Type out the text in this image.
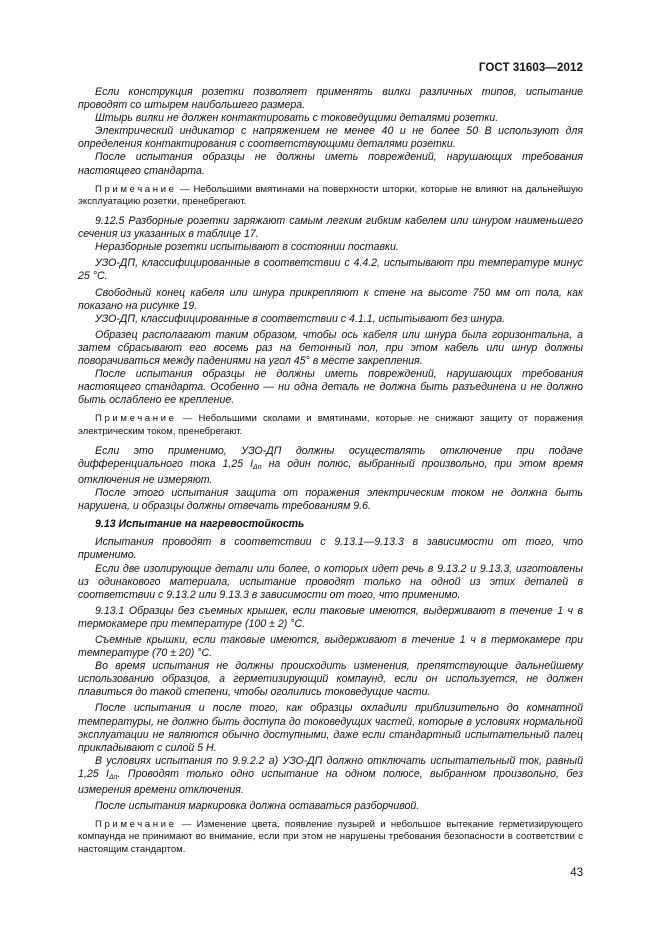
ГОСТ 31603—2012

Если конструкция розетки позволяет применять вилки различных типов, испытание проводят со штырем наибольшего размера.

Штырь вилки не должен контактировать с токоведущими деталями розетки.

Электрический индикатор с напряжением не менее 40 и не более 50 В используют для определения контактирования с соответствующими деталями розетки.

После испытания образцы не должны иметь повреждений, нарушающих требования настоящего стандарта.

Примечание — Небольшими вмятинами на поверхности шторки, которые не влияют на дальнейшую эксплуатацию розетки, пренебрегают.

9.12.5 Разборные розетки заряжают самым легким гибким кабелем или шнуром наименьшего сечения из указанных в таблице 17.

Неразборные розетки испытывают в состоянии поставки.

УЗО-ДП, классифицированные в соответствии с 4.4.2, испытывают при температуре минус 25 °С.

Свободный конец кабеля или шнура прикрепляют к стене на высоте 750 мм от пола, как показано на рисунке 19.

УЗО-ДП, классифицированные в соответствии с 4.1.1, испытывают без шнура.

Образец располагают таким образом, чтобы ось кабеля или шнура была горизонтальна, а затем сбрасывают его восемь раз на бетонный пол, при этом кабель или шнур должны поворачиваться между падениями на угол 45° в месте закрепления.

После испытания образцы не должны иметь повреждений, нарушающих требования настоящего стандарта. Особенно — ни одна деталь не должна быть разъединена и не должно быть ослаблено ее крепление.

Примечание — Небольшими сколами и вмятинами, которые не снижают защиту от поражения электрическим током, пренебрегают.

Если это применимо, УЗО-ДП должны осуществлять отключение при подаче дифференциального тока 1,25 $I_{\Delta n}$ на один полюс, выбранный произвольно, при этом время отключения не измеряют.

После этого испытания защита от поражения электрическим током не должна быть нарушена, и образцы должны отвечать требованиям 9.6.

9.13 Испытание на нагревостойкость

Испытания проводят в соответствии с 9.13.1—9.13.3 в зависимости от того, что применимо.

Если две изолирующие детали или более, о которых идет речь в 9.13.2 и 9.13.3, изготовлены из одинакового материала, испытание проводят только на одной из этих деталей в соответствии с 9.13.2 или 9.13.3 в зависимости от того, что применимо.

9.13.1 Образцы без съемных крышек, если таковые имеются, выдерживают в течение 1 ч в термокамере при температуре (100 ± 2) °С.

Съемные крышки, если таковые имеются, выдерживают в течение 1 ч в термокамере при температуре (70 ± 20) °С.

Во время испытания не должны происходить изменения, препятствующие дальнейшему использованию образцов, а герметизирующий компаунд, если он используется, не должен плавиться до такой степени, чтобы оголились токоведущие части.

После испытания и после того, как образцы охладили приблизительно до комнатной температуры, не должно быть доступа до токоведущих частей, которые в условиях нормальной эксплуатации не являются обычно доступными, даже если стандартный испытательный палец прикладывают с силой 5 Н.

В условиях испытания по 9.9.2.2 а) УЗО-ДП должно отключать испытательный ток, равный 1,25 $I_{\Delta n}$. Проводят только одно испытание на одном полюсе, выбранном произвольно, без измерения времени отключения.

После испытания маркировка должна оставаться разборчивой.

Примечание — Изменение цвета, появление пузырей и небольшое вытекание герметизирующего компаунда не принимают во внимание, если при этом не нарушены требования безопасности в соответствии с настоящим стандартом.

43
